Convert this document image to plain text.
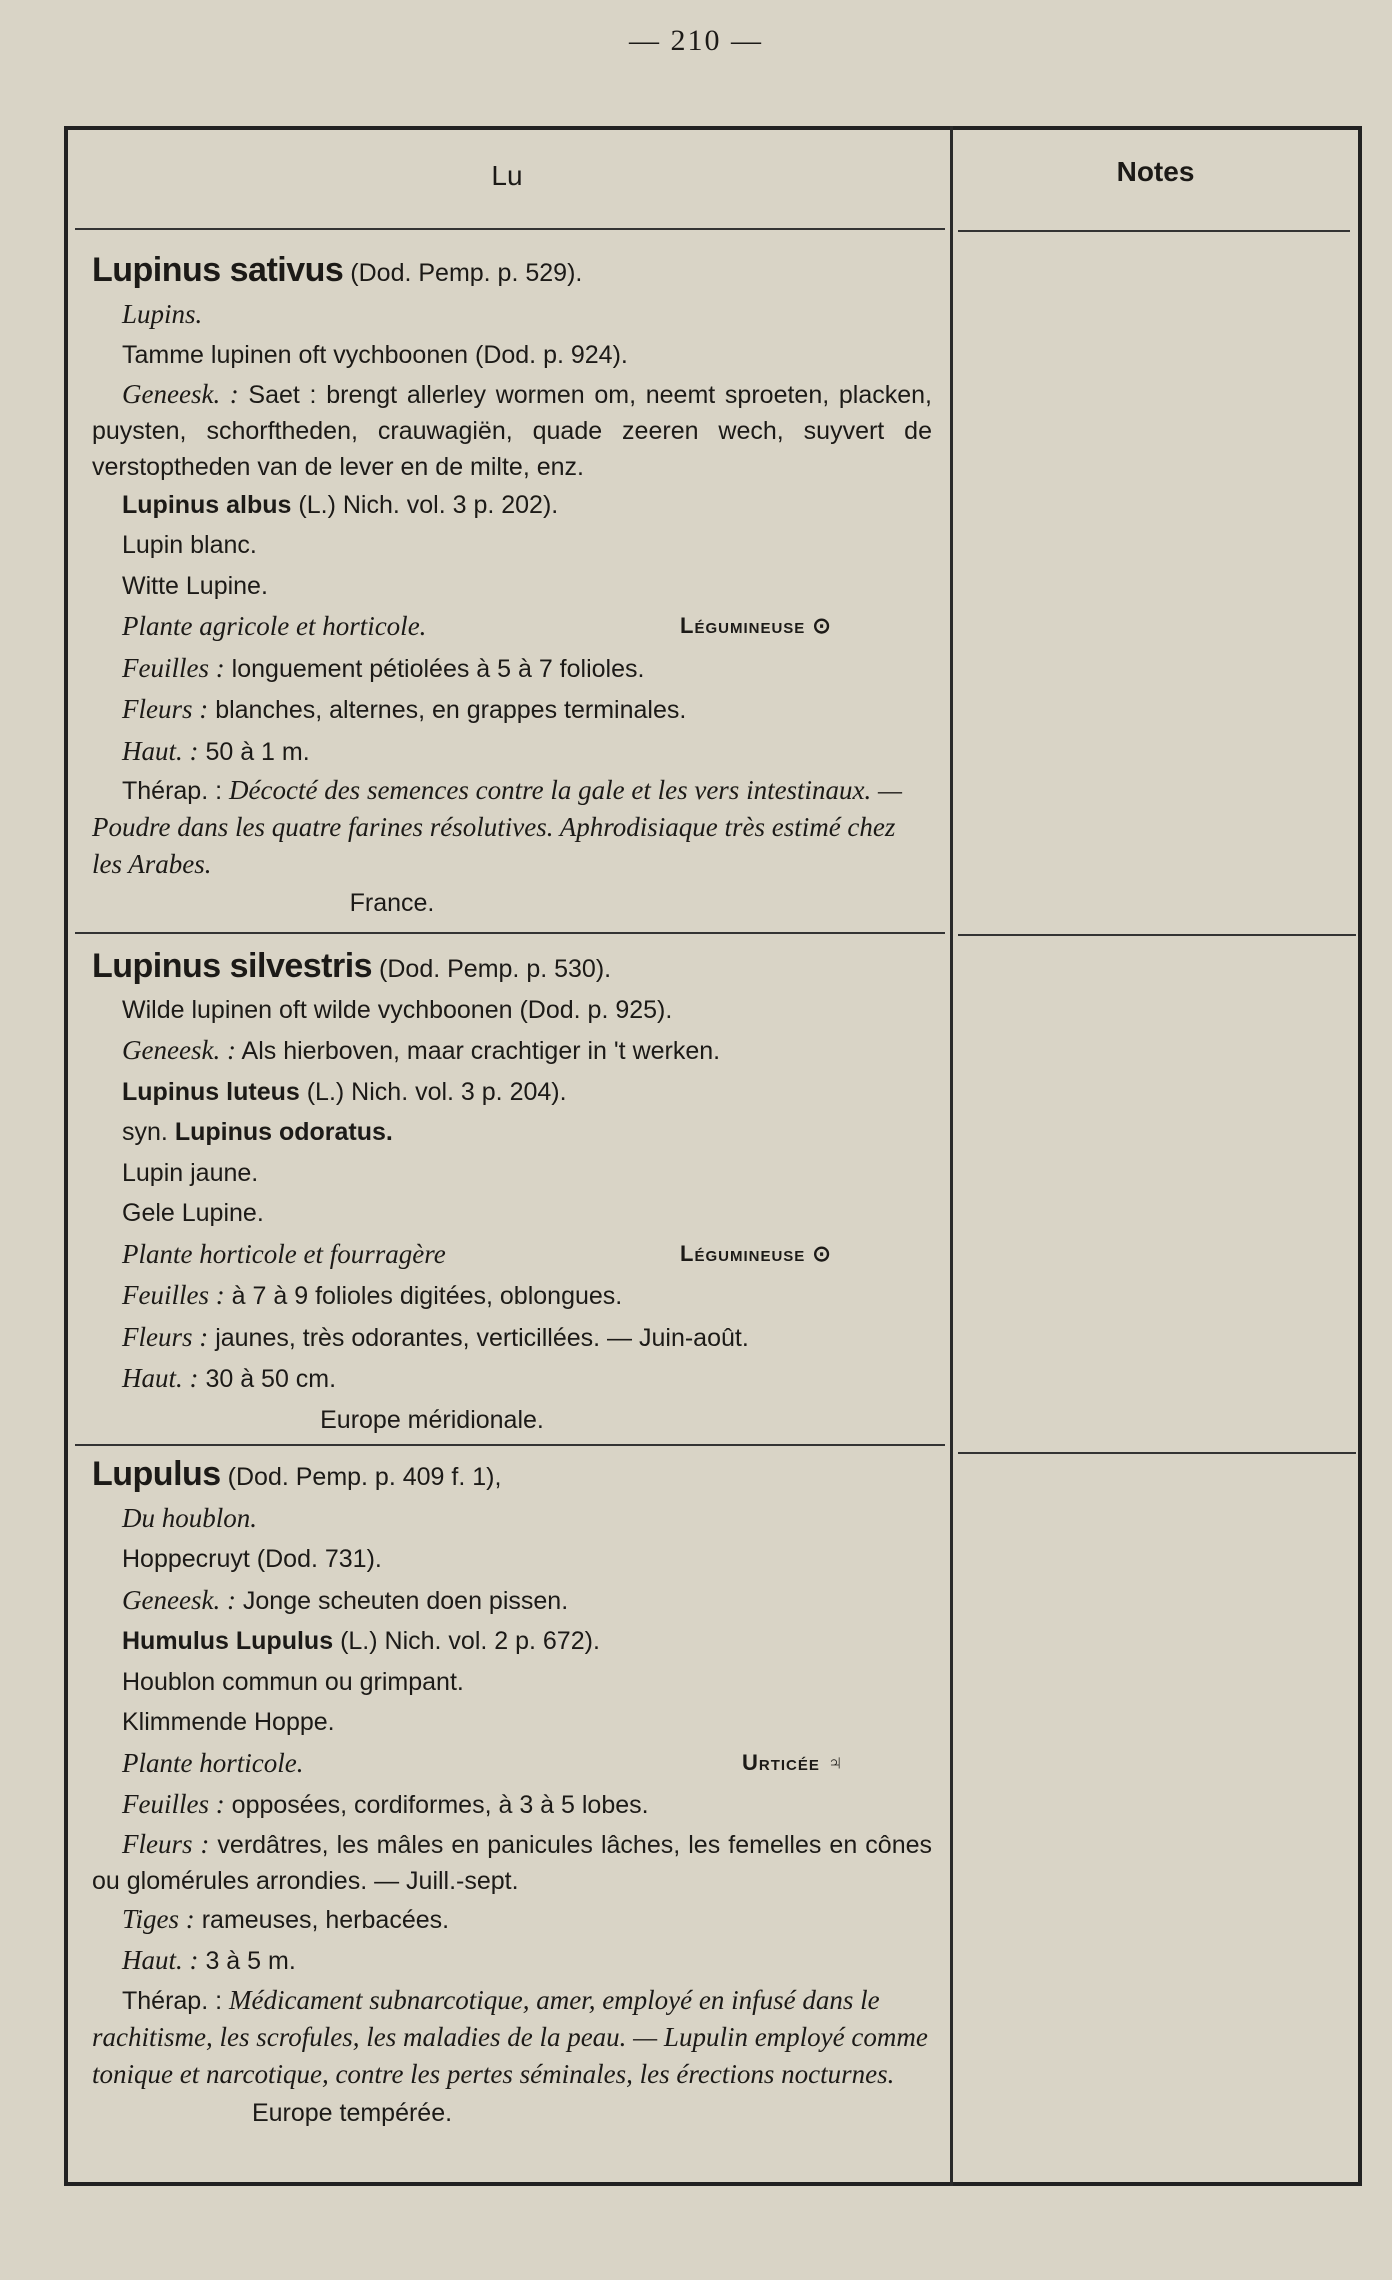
— 210 —
Lu	Notes
Lupinus sativus (Dod. Pemp. p. 529).
Lupins.
Tamme lupinen oft vychboonen (Dod. p. 924).
Geneesk. : Saet : brengt allerley wormen om, neemt sproeten, placken, puysten, schorftheden, crauwagiën, quade zeeren wech, suyvert de verstoptheden van de lever en de milte, enz.
Lupinus albus (L.) Nich. vol. 3 p. 202).
Lupin blanc.
Witte Lupine.
Plante agricole et horticole.	Légumineuse ⊙
Feuilles : longuement pétiolées à 5 à 7 folioles.
Fleurs : blanches, alternes, en grappes terminales.
Haut. : 50 à 1 m.
Thérap. : Décocté des semences contre la gale et les vers intestinaux. — Poudre dans les quatre farines résolutives. Aphrodisiaque très estimé chez les Arabes.
France.
Lupinus silvestris (Dod. Pemp. p. 530).
Wilde lupinen oft wilde vychboonen (Dod. p. 925).
Geneesk. : Als hierboven, maar crachtiger in 't werken.
Lupinus luteus (L.) Nich. vol. 3 p. 204).
syn. Lupinus odoratus.
Lupin jaune.
Gele Lupine.
Plante horticole et fourragère	Légumineuse ⊙
Feuilles : à 7 à 9 folioles digitées, oblongues.
Fleurs : jaunes, très odorantes, verticillées. — Juin-août.
Haut. : 30 à 50 cm.
Europe méridionale.
Lupulus (Dod. Pemp. p. 409 f. 1),
Du houblon.
Hoppecruyt (Dod. 731).
Geneesk. : Jonge scheuten doen pissen.
Humulus Lupulus (L.) Nich. vol. 2 p. 672).
Houblon commun ou grimpant.
Klimmende Hoppe.
Plante horticole.	Urticée ♃
Feuilles : opposées, cordiformes, à 3 à 5 lobes.
Fleurs : verdâtres, les mâles en panicules lâches, les femelles en cônes ou glomérules arrondies. — Juill.-sept.
Tiges : rameuses, herbacées.
Haut. : 3 à 5 m.
Thérap. : Médicament subnarcotique, amer, employé en infusé dans le rachitisme, les scrofules, les maladies de la peau. — Lupulin employé comme tonique et narcotique, contre les pertes séminales, les érections nocturnes.
Europe tempérée.
